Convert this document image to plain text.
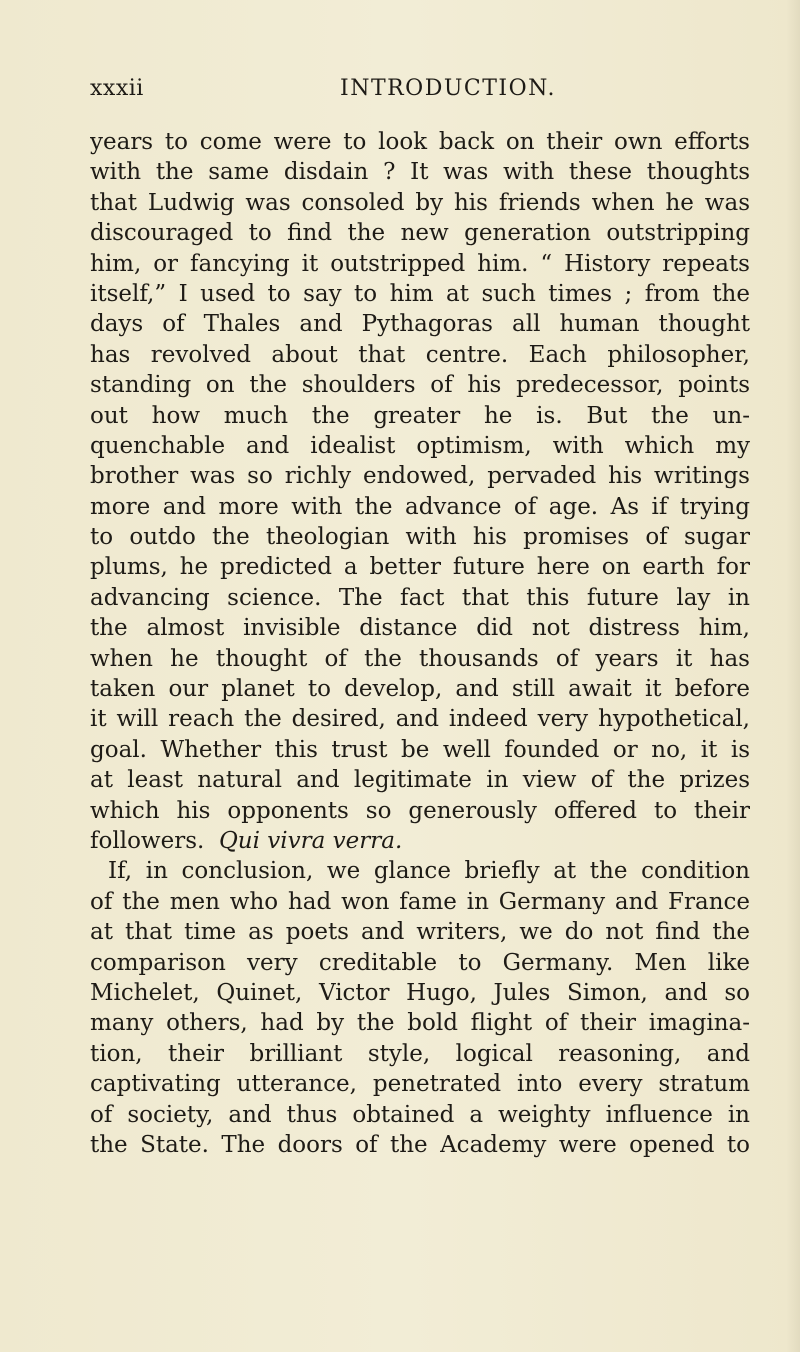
xxxii	INTRODUCTION.
years to come were to look back on their own efforts
with the same disdain ? It was with these thoughts
that Ludwig was consoled by his friends when he was
discouraged to find the new generation outstripping
him, or fancying it outstripped him. “ History repeats
itself,” I used to say to him at such times ; from the
days of Thales and Pythagoras all human thought
has revolved about that centre. Each philosopher,
standing on the shoulders of his predecessor, points
out how much the greater he is. But the un-
quenchable and idealist optimism, with which my
brother was so richly endowed, pervaded his writings
more and more with the advance of age. As if trying
to outdo the theologian with his promises of sugar
plums, he predicted a better future here on earth for
advancing science. The fact that this future lay in
the almost invisible distance did not distress him,
when he thought of the thousands of years it has
taken our planet to develop, and still await it before
it will reach the desired, and indeed very hypothetical,
goal. Whether this trust be well founded or no, it is
at least natural and legitimate in view of the prizes
which his opponents so generously offered to their
followers. Qui vivra verra.
If, in conclusion, we glance briefly at the condition
of the men who had won fame in Germany and France
at that time as poets and writers, we do not find the
comparison very creditable to Germany. Men like
Michelet, Quinet, Victor Hugo, Jules Simon, and so
many others, had by the bold flight of their imagina-
tion, their brilliant style, logical reasoning, and
captivating utterance, penetrated into every stratum
of society, and thus obtained a weighty influence in
the State. The doors of the Academy were opened to
